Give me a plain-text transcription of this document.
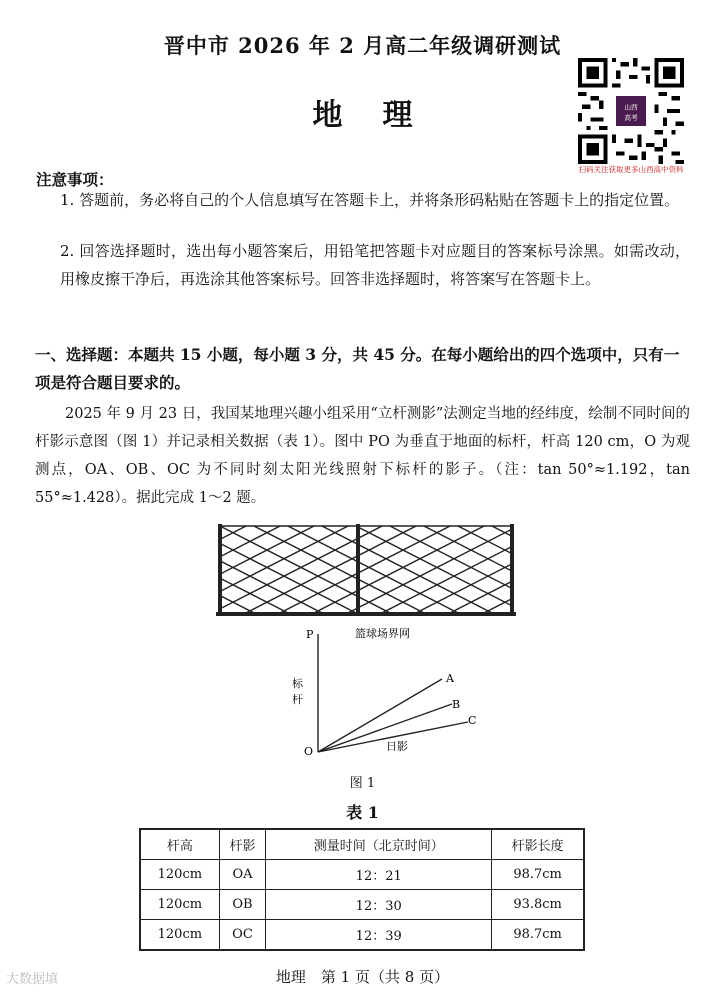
晋中市 2026 年 2 月高二年级调研测试
地理	山西
高考
扫码关注获取更多山西高中资料
注意事项：
1. 答题前，务必将自己的个人信息填写在答题卡上，并将条形码粘贴在答题卡上的指定位置。
2. 回答选择题时，选出每小题答案后，用铅笔把答题卡对应题目的答案标号涂黑。如需改动，用橡皮擦干净后，再选涂其他答案标号。回答非选择题时，将答案写在答题卡上。
一、选择题：本题共 15 小题，每小题 3 分，共 45 分。在每小题给出的四个选项中，只有一项是符合题目要求的。
2025 年 9 月 23 日，我国某地理兴趣小组采用“立杆测影”法测定当地的经纬度，绘制不同时间的杆影示意图（图 1）并记录相关数据（表 1）。图中 PO 为垂直于地面的标杆，杆高 120 cm，O 为观测点，OA、OB、OC 为不同时刻太阳光线照射下标杆的影子。（注：tan 50°≈1.192，tan 55°≈1.428）。据此完成 1～2 题。
篮球场界网
P
O
A
B
C
标杆
日影
图 1
表 1
杆高	杆影	测量时间（北京时间）	杆影长度
120cm	OA	12：21	98.7cm
120cm	OB	12：30	93.8cm
120cm	OC	12：39	98.7cm
地理　第 1 页（共 8 页）
大数据填
